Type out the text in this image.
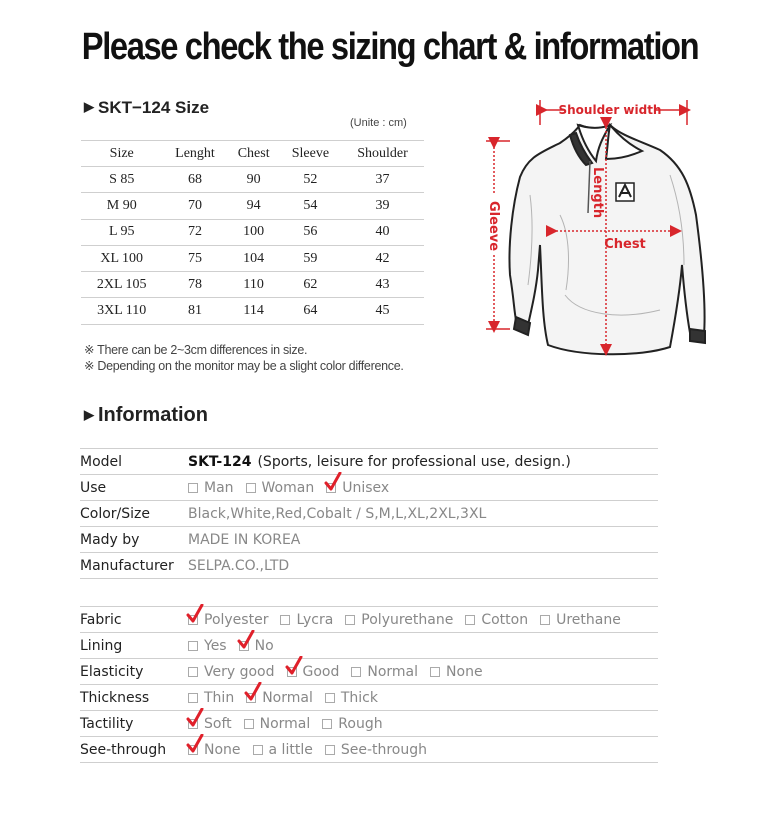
Please check the sizing chart & information
▶ SKT−124 Size
(Unite : cm)
Size	Lenght	Chest	Sleeve	Shoulder
S 85	68	90	52	37
M 90	70	94	54	39
L 95	72	100	56	40
XL 100	75	104	59	42
2XL 105	78	110	62	43
3XL 110	81	114	64	45
※ There can be 2~3cm differences in size.
※ Depending on the monitor may be a slight color difference.
Shoulder width
Length
Chest
Gleeve
▶ Information
Model	SKT-124 (Sports, leisure for professional use, design.)
Use	Man Woman Unisex
Color/Size	Black,White,Red,Cobalt / S,M,L,XL,2XL,3XL
Mady by	MADE IN KOREA
Manufacturer	SELPA.CO.,LTD
Fabric	Polyester Lycra Polyurethane Cotton Urethane
Lining	Yes No
Elasticity	Very good Good Normal None
Thickness	Thin Normal Thick
Tactility	Soft Normal Rough
See-through	None a little See-through
